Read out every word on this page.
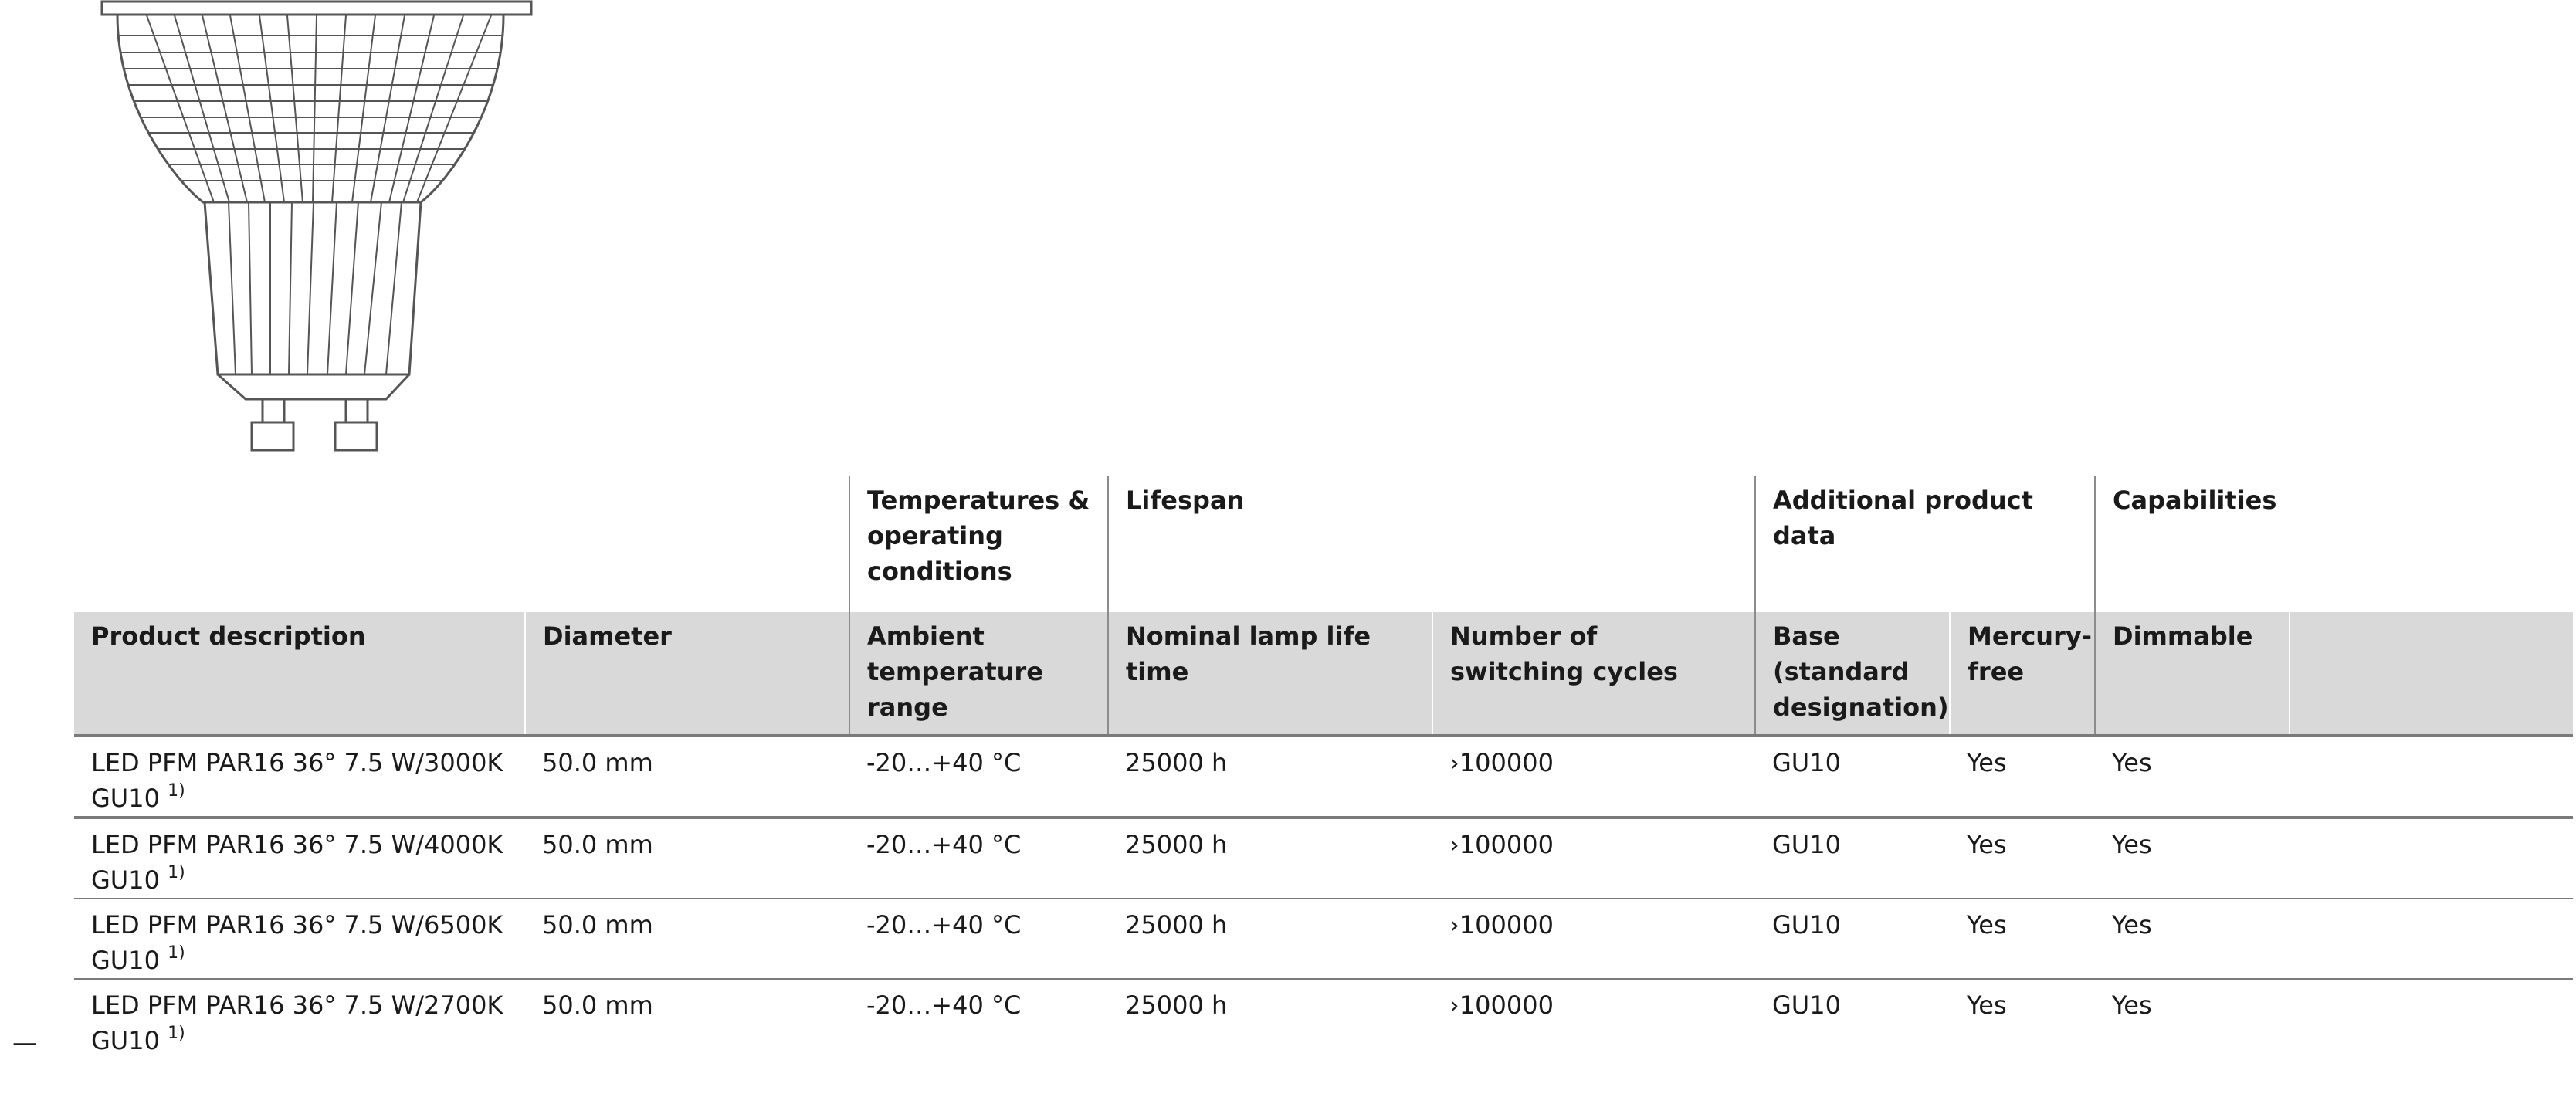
		Temperatures & operating conditions	Lifespan		Additional product data		Capabilities	
Product description	Diameter	Ambient temperature range	Nominal lamp life time	Number of switching cycles	Base (standard designation)	Mercury-free	Dimmable	
LED PFM PAR16 36° 7.5 W/3000K GU10 $^{1)}$	50.0 mm	-20…+40 °C	25000 h	›100000	GU10	Yes	Yes	
LED PFM PAR16 36° 7.5 W/4000K GU10 $^{1)}$	50.0 mm	-20…+40 °C	25000 h	›100000	GU10	Yes	Yes	
LED PFM PAR16 36° 7.5 W/6500K GU10 $^{1)}$	50.0 mm	-20…+40 °C	25000 h	›100000	GU10	Yes	Yes	
LED PFM PAR16 36° 7.5 W/2700K GU10 $^{1)}$	50.0 mm	-20…+40 °C	25000 h	›100000	GU10	Yes	Yes	
—
